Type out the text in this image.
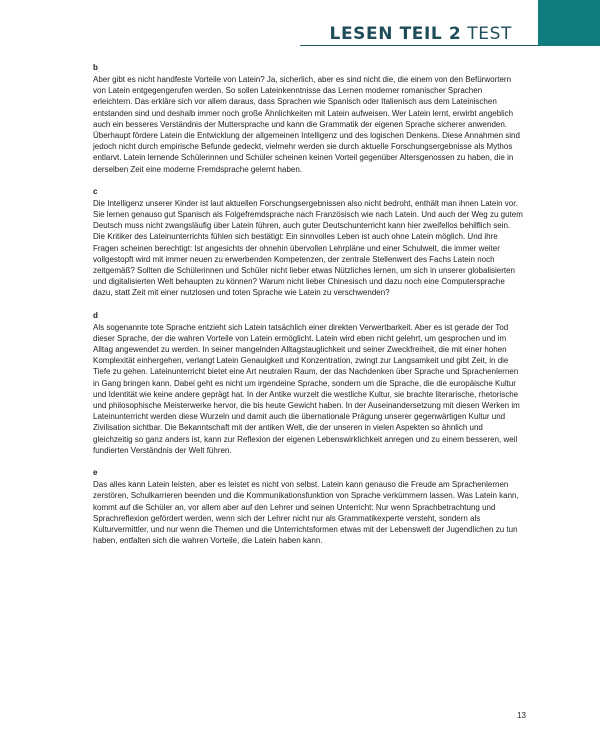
LESEN TEIL 2 TEST
b

Aber gibt es nicht handfeste Vorteile von Latein? Ja, sicherlich, aber es sind nicht die, die einem von den Befürwortern von Latein entgegengerufen werden. So sollen Lateinkenntnisse das Lernen moderner romanischer Sprachen erleichtern. Das erkläre sich vor allem daraus, dass Sprachen wie Spanisch oder Italienisch aus dem Lateinischen entstanden sind und deshalb immer noch große Ähnlichkeiten mit Latein aufweisen. Wer Latein lernt, erwirbt angeblich auch ein besseres Verständnis der Muttersprache und kann die Grammatik der eigenen Sprache sicherer anwenden. Überhaupt fördere Latein die Entwicklung der allgemeinen Intelligenz und des logischen Denkens. Diese Annahmen sind jedoch nicht durch empirische Befunde gedeckt, vielmehr werden sie durch aktuelle Forschungsergebnisse als Mythos entlarvt. Latein lernende Schülerinnen und Schüler scheinen keinen Vorteil gegenüber Altersgenossen zu haben, die in derselben Zeit eine moderne Fremdsprache gelernt haben.

c

Die Intelligenz unserer Kinder ist laut aktuellen Forschungsergebnissen also nicht bedroht, enthält man ihnen Latein vor. Sie lernen genauso gut Spanisch als Folgefremdsprache nach Französisch wie nach Latein. Und auch der Weg zu gutem Deutsch muss nicht zwangsläufig über Latein führen, auch guter Deutschunterricht kann hier zweifellos behilflich sein. Die Kritiker des Lateinunterrichts fühlen sich bestätigt: Ein sinnvolles Leben ist auch ohne Latein möglich. Und ihre Fragen scheinen berechtigt: Ist angesichts der ohnehin übervollen Lehrpläne und einer Schulwelt, die immer weiter vollgestopft wird mit immer neuen zu erwerbenden Kompetenzen, der zentrale Stellenwert des Fachs Latein noch zeitgemäß? Sollten die Schülerinnen und Schüler nicht lieber etwas Nützliches lernen, um sich in unserer globalisierten und digitalisierten Welt behaupten zu können? Warum nicht lieber Chinesisch und dazu noch eine Computersprache dazu, statt Zeit mit einer nutzlosen und toten Sprache wie Latein zu verschwenden?

d

Als sogenannte tote Sprache entzieht sich Latein tatsächlich einer direkten Verwertbarkeit. Aber es ist gerade der Tod dieser Sprache, der die wahren Vorteile von Latein ermöglicht. Latein wird eben nicht gelehrt, um gesprochen und im Alltag angewendet zu werden. In seiner mangelnden Alltagstauglichkeit und seiner Zweckfreiheit, die mit einer hohen Komplexität einhergehen, verlangt Latein Genauigkeit und Konzentration, zwingt zur Langsamkeit und gibt Zeit, in die Tiefe zu gehen. Lateinunterricht bietet eine Art neutralen Raum, der das Nachdenken über Sprache und Sprachenlernen in Gang bringen kann. Dabei geht es nicht um irgendeine Sprache, sondern um die Sprache, die die europäische Kultur und Identität wie keine andere geprägt hat. In der Antike wurzelt die westliche Kultur, sie brachte literarische, rhetorische und philosophische Meisterwerke hervor, die bis heute Gewicht haben. In der Auseinandersetzung mit diesen Werken im Lateinunterricht werden diese Wurzeln und damit auch die übernationale Prägung unserer gegenwärtigen Kultur und Zivilisation sichtbar. Die Bekanntschaft mit der antiken Welt, die der unseren in vielen Aspekten so ähnlich und gleichzeitig so ganz anders ist, kann zur Reflexion der eigenen Lebenswirklichkeit anregen und zu einem besseren, weil fundierten Verständnis der Welt führen.

e

Das alles kann Latein leisten, aber es leistet es nicht von selbst. Latein kann genauso die Freude am Sprachenlernen zerstören, Schulkarrieren beenden und die Kommunikationsfunktion von Sprache verkümmern lassen. Was Latein kann, kommt auf die Schüler an, vor allem aber auf den Lehrer und seinen Unterricht: Nur wenn Sprachbetrachtung und Sprachreflexion gefördert werden, wenn sich der Lehrer nicht nur als Grammatikexperte versteht, sondern als Kulturvermittler, und nur wenn die Themen und die Unterrichtsformen etwas mit der Lebenswelt der Jugendlichen zu tun haben, entfalten sich die wahren Vorteile, die Latein haben kann.

13
